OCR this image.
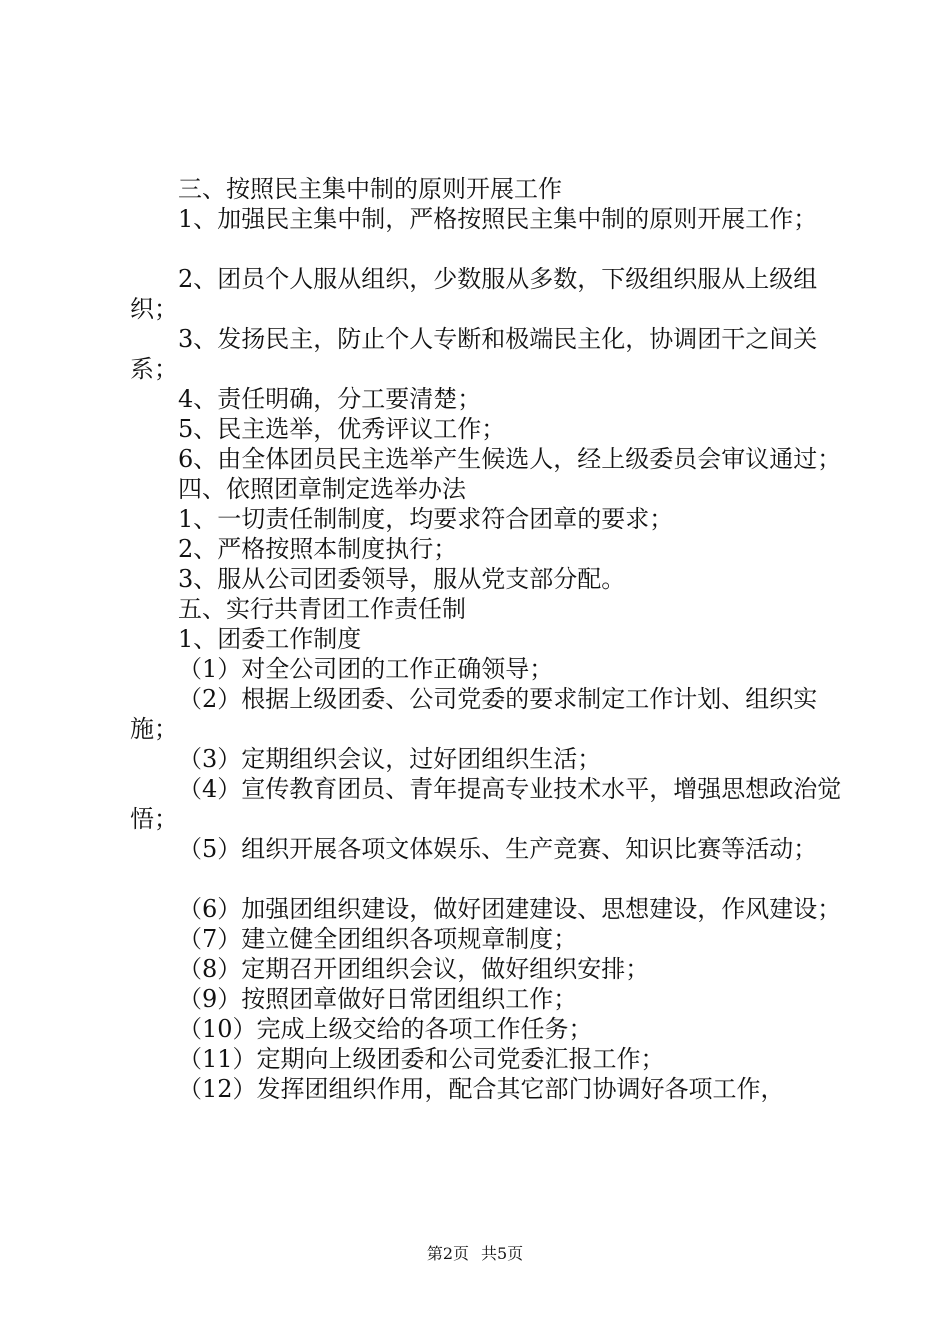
三、按照民主集中制的原则开展工作

1、加强民主集中制，严格按照民主集中制的原则开展工作；

2、团员个人服从组织，少数服从多数，下级组织服从上级组织；

3、发扬民主，防止个人专断和极端民主化，协调团干之间关系；

4、责任明确，分工要清楚；

5、民主选举，优秀评议工作；

6、由全体团员民主选举产生候选人，经上级委员会审议通过；

四、依照团章制定选举办法

1、一切责任制制度，均要求符合团章的要求；

2、严格按照本制度执行；

3、服从公司团委领导，服从党支部分配。

五、实行共青团工作责任制

1、团委工作制度

（1）对全公司团的工作正确领导；

（2）根据上级团委、公司党委的要求制定工作计划、组织实施；

（3）定期组织会议，过好团组织生活；

（4）宣传教育团员、青年提高专业技术水平，增强思想政治觉悟；

（5）组织开展各项文体娱乐、生产竞赛、知识比赛等活动；

（6）加强团组织建设，做好团建建设、思想建设，作风建设；

（7）建立健全团组织各项规章制度；

（8）定期召开团组织会议，做好组织安排；

（9）按照团章做好日常团组织工作；

（10）完成上级交给的各项工作任务；

（11）定期向上级团委和公司党委汇报工作；

（12）发挥团组织作用，配合其它部门协调好各项工作，

第2页 共5页
